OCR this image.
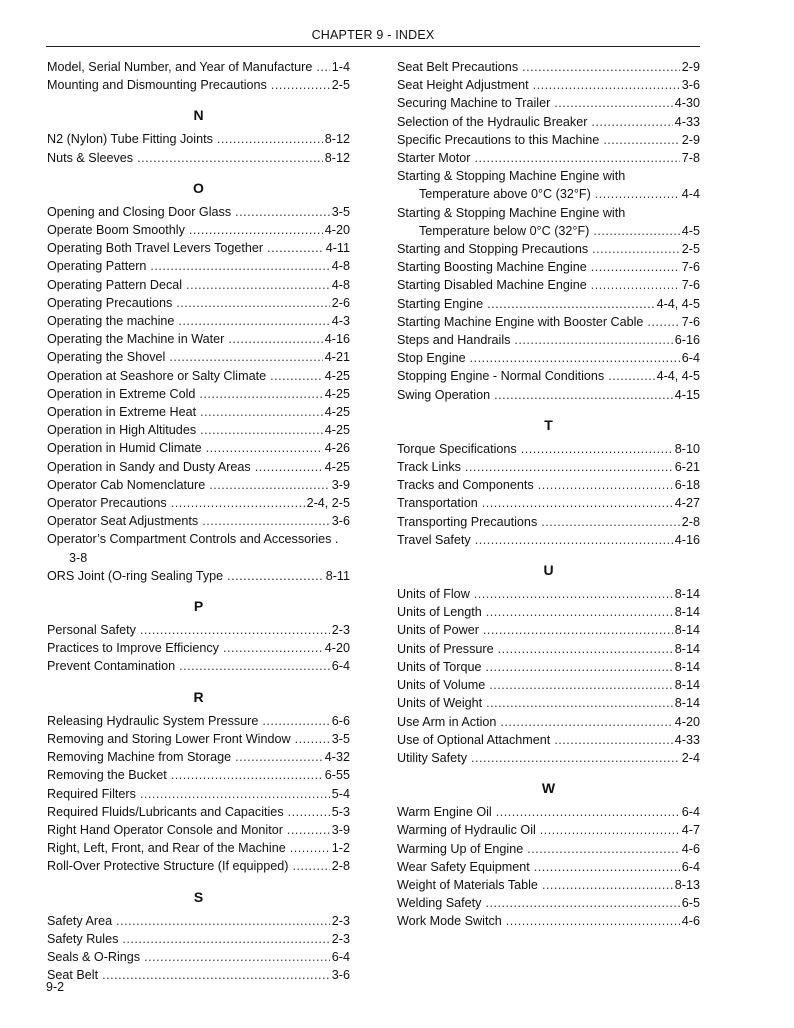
CHAPTER 9 - INDEX
Model, Serial Number, and Year of Manufacture ..... 1-4
Mounting and Dismounting Precautions .....	2-5
N
N2 (Nylon) Tube Fitting Joints .....	8-12
Nuts & Sleeves .....	8-12
O
Opening and Closing Door Glass .....	3-5
Operate Boom Smoothly .....	4-20
Operating Both Travel Levers Together .....	4-11
Operating Pattern .....	4-8
Operating Pattern Decal .....	4-8
Operating Precautions .....	2-6
Operating the machine .....	4-3
Operating the Machine in Water .....	4-16
Operating the Shovel .....	4-21
Operation at Seashore or Salty Climate .....	4-25
Operation in Extreme Cold .....	4-25
Operation in Extreme Heat .....	4-25
Operation in High Altitudes .....	4-25
Operation in Humid Climate .....	4-26
Operation in Sandy and Dusty Areas .....	4-25
Operator Cab Nomenclature .....	3-9
Operator Precautions .....	2-4, 2-5
Operator Seat Adjustments .....	3-6
Operator’s Compartment Controls and Accessories .
3-8
ORS Joint (O-ring Sealing Type .....	8-11
P
Personal Safety .....	2-3
Practices to Improve Efficiency .....	4-20
Prevent Contamination .....	6-4
R
Releasing Hydraulic System Pressure .....	6-6
Removing and Storing Lower Front Window .....	3-5
Removing Machine from Storage .....	4-32
Removing the Bucket .....	6-55
Required Filters .....	5-4
Required Fluids/Lubricants and Capacities .....	5-3
Right Hand Operator Console and Monitor .....	3-9
Right, Left, Front, and Rear of the Machine .....	1-2
Roll-Over Protective Structure (If equipped) .....	2-8
S
Safety Area .....	2-3
Safety Rules .....	2-3
Seals & O-Rings .....	6-4
Seat Belt .....	3-6
Seat Belt Precautions .....	2-9
Seat Height Adjustment .....	3-6
Securing Machine to Trailer .....	4-30
Selection of the Hydraulic Breaker .....	4-33
Specific Precautions to this Machine .....	2-9
Starter Motor .....	7-8
Starting & Stopping Machine Engine with
Temperature above 0°C (32°F) .....	4-4
Starting & Stopping Machine Engine with
Temperature below 0°C (32°F) .....	4-5
Starting and Stopping Precautions .....	2-5
Starting Boosting Machine Engine .....	7-6
Starting Disabled Machine Engine .....	7-6
Starting Engine .....	4-4, 4-5
Starting Machine Engine with Booster Cable .....	7-6
Steps and Handrails .....	6-16
Stop Engine .....	6-4
Stopping Engine - Normal Conditions .....	4-4, 4-5
Swing Operation .....	4-15
T
Torque Specifications .....	8-10
Track Links .....	6-21
Tracks and Components .....	6-18
Transportation .....	4-27
Transporting Precautions .....	2-8
Travel Safety .....	4-16
U
Units of Flow .....	8-14
Units of Length .....	8-14
Units of Power .....	8-14
Units of Pressure .....	8-14
Units of Torque .....	8-14
Units of Volume .....	8-14
Units of Weight .....	8-14
Use Arm in Action .....	4-20
Use of Optional Attachment .....	4-33
Utility Safety .....	2-4
W
Warm Engine Oil .....	6-4
Warming of Hydraulic Oil .....	4-7
Warming Up of Engine .....	4-6
Wear Safety Equipment .....	6-4
Weight of Materials Table .....	8-13
Welding Safety .....	6-5
Work Mode Switch .....	4-6
9-2
